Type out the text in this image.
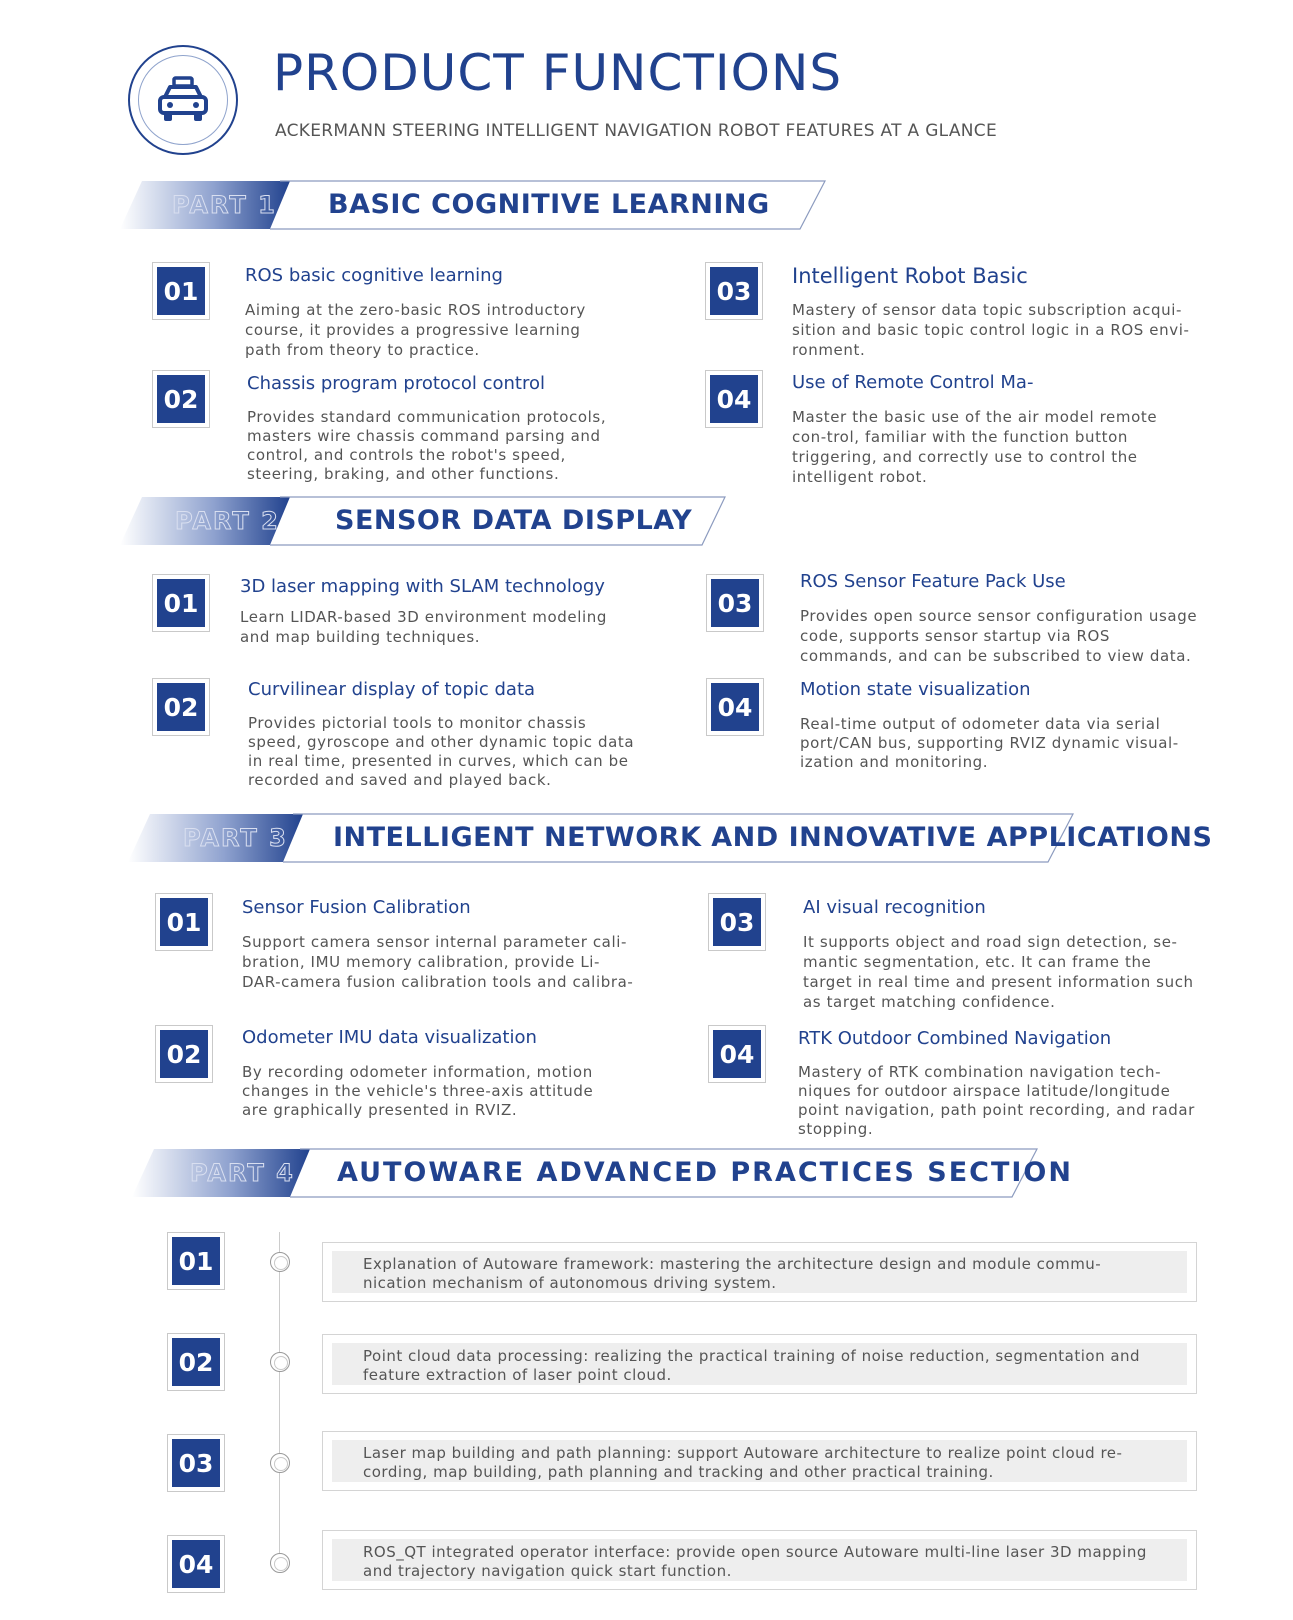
PRODUCT FUNCTIONS
ACKERMANN STEERING INTELLIGENT NAVIGATION ROBOT FEATURES AT A GLANCE
PART 1 BASIC COGNITIVE LEARNING
01
ROS basic cognitive learning
Aiming at the zero-basic ROS introductory course, it provides a progressive learning path from theory to practice.
02
Chassis program protocol control
Provides standard communication protocols, masters wire chassis command parsing and control, and controls the robot's speed, steering, braking, and other functions.
03
Intelligent Robot Basic
Mastery of sensor data topic subscription acqui-sition and basic topic control logic in a ROS envi-ronment.
04
Use of Remote Control Ma-
Master the basic use of the air model remote con-trol, familiar with the function button triggering, and correctly use to control the intelligent robot.
PART 2 SENSOR DATA DISPLAY
01
3D laser mapping with SLAM technology
Learn LIDAR-based 3D environment modeling and map building techniques.
02
Curvilinear display of topic data
Provides pictorial tools to monitor chassis speed, gyroscope and other dynamic topic data in real time, presented in curves, which can be recorded and saved and played back.
03
ROS Sensor Feature Pack Use
Provides open source sensor configuration usage code, supports sensor startup via ROS commands, and can be subscribed to view data.
04
Motion state visualization
Real-time output of odometer data via serial port/CAN bus, supporting RVIZ dynamic visual-ization and monitoring.
PART 3 INTELLIGENT NETWORK AND INNOVATIVE APPLICATIONS
01	Sensor Fusion Calibration
Support camera sensor internal parameter cali-bration, IMU memory calibration, provide Li-DAR-camera fusion calibration tools and calibra-
02
Odometer IMU data visualization
By recording odometer information, motion changes in the vehicle's three-axis attitude are graphically presented in RVIZ.
03	AI visual recognition
It supports object and road sign detection, se-mantic segmentation, etc. It can frame the target in real time and present information such as target matching confidence.
04
RTK Outdoor Combined Navigation
Mastery of RTK combination navigation tech-niques for outdoor airspace latitude/longitude point navigation, path point recording, and radar stopping.
PART 4 AUTOWARE ADVANCED PRACTICES SECTION
01	Explanation of Autoware framework: mastering the architecture design and module commu-nication mechanism of autonomous driving system.
02	Point cloud data processing: realizing the practical training of noise reduction, segmentation and feature extraction of laser point cloud.
03	Laser map building and path planning: support Autoware architecture to realize point cloud re-cording, map building, path planning and tracking and other practical training.
04	ROS_QT integrated operator interface: provide open source Autoware multi-line laser 3D mapping and trajectory navigation quick start function.
